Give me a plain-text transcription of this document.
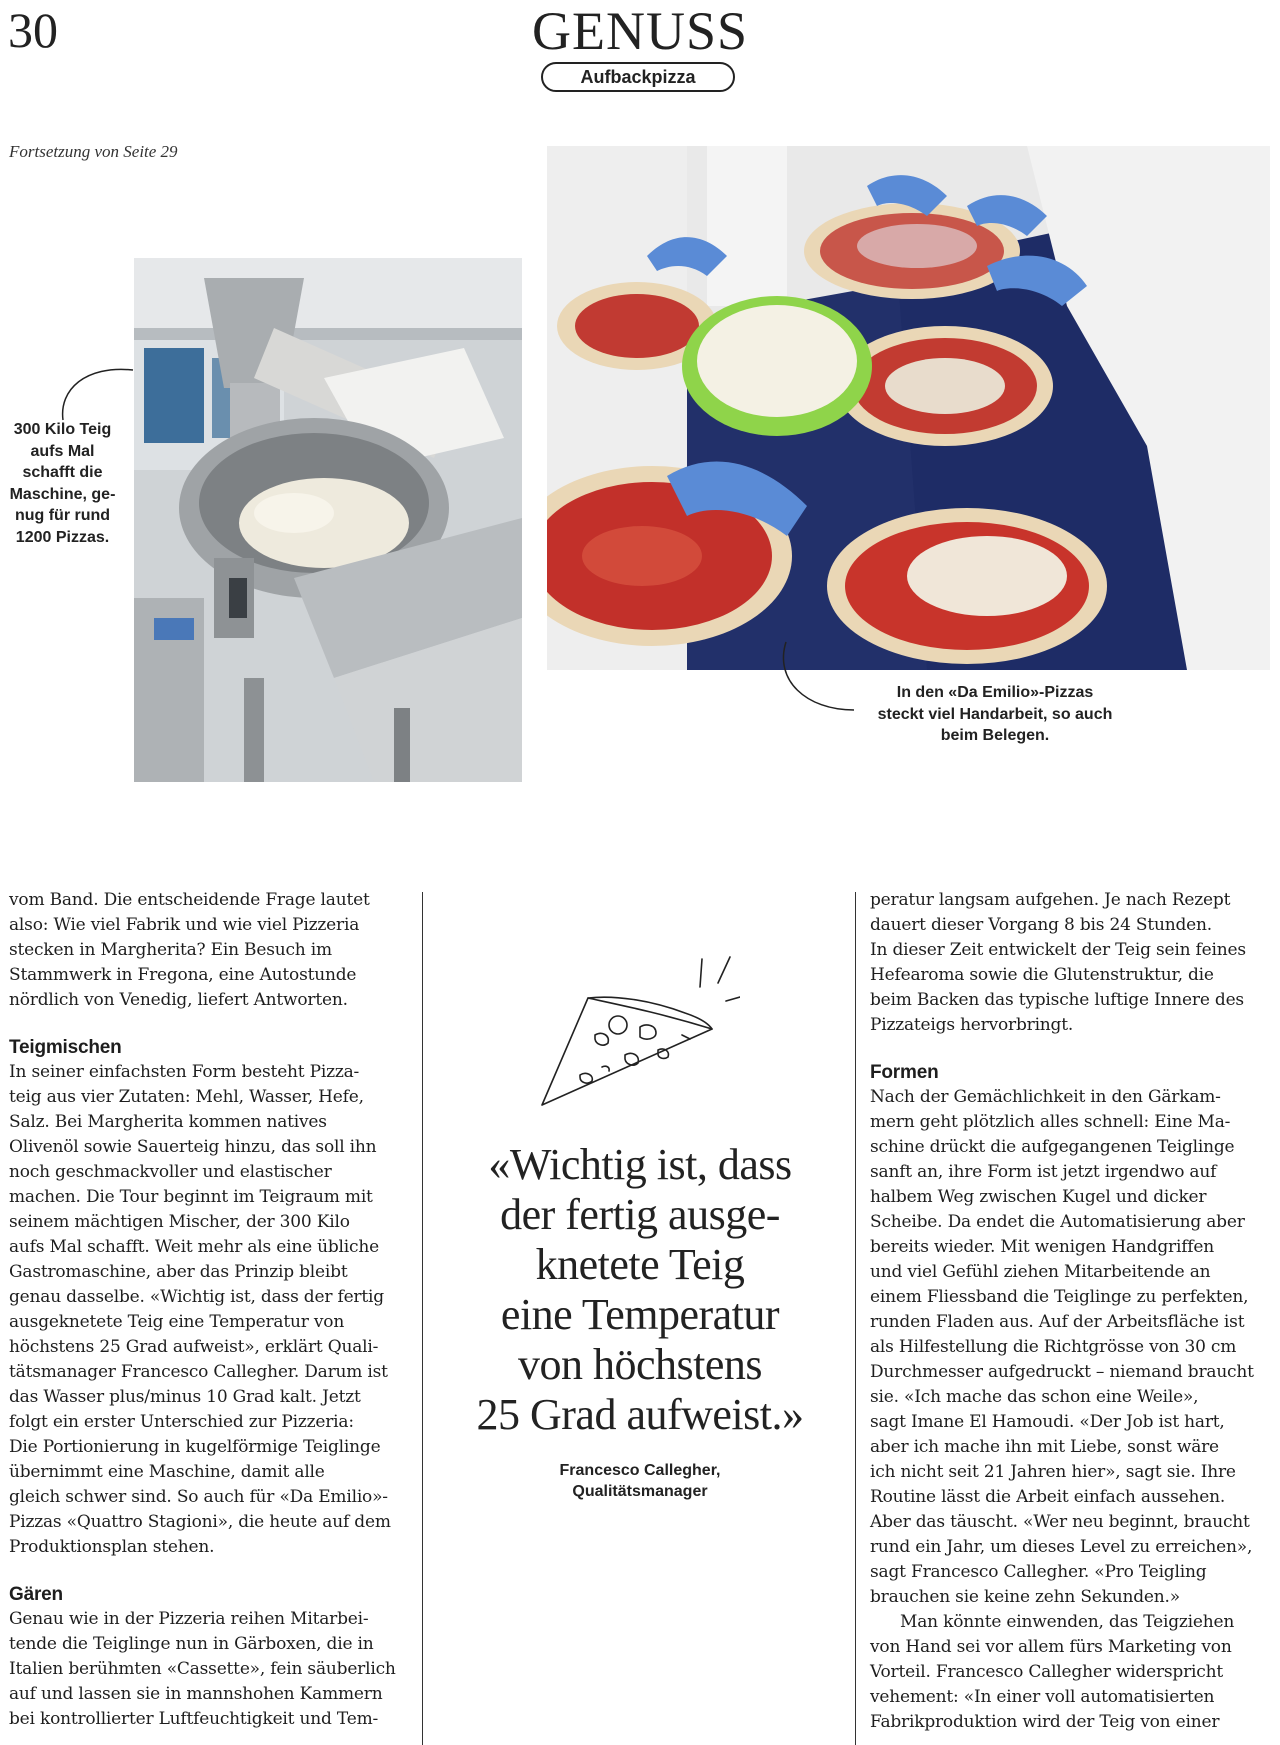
30	GENUSS
Aufbackpizza
Fortsetzung von Seite 29
300 Kilo Teig
aufs Mal
schafft die
Maschine, ge-
nug für rund
1200 Pizzas.
In den «Da Emilio»-Pizzas
steckt viel Handarbeit, so auch
beim Belegen.

vom Band. Die entscheidende Frage lautet

also: Wie viel Fabrik und wie viel Pizzeria

stecken in Margherita? Ein Besuch im

Stammwerk in Fregona, eine Autostunde

nördlich von Venedig, liefert Antworten.

Teigmischen

In seiner einfachsten Form besteht Pizza-

teig aus vier Zutaten: Mehl, Wasser, Hefe,

Salz. Bei Margherita kommen natives

Olivenöl sowie Sauerteig hinzu, das soll ihn

noch geschmackvoller und elastischer

machen. Die Tour beginnt im Teigraum mit

seinem mächtigen Mischer, der 300 Kilo

aufs Mal schafft. Weit mehr als eine übliche

Gastromaschine, aber das Prinzip bleibt

genau dasselbe. «Wichtig ist, dass der fertig

ausgeknetete Teig eine Temperatur von

höchstens 25 Grad aufweist», erklärt Quali-

tätsmanager Francesco Callegher. Darum ist

das Wasser plus/minus 10 Grad kalt. Jetzt

folgt ein erster Unterschied zur Pizzeria:

Die Portionierung in kugelförmige Teiglinge

übernimmt eine Maschine, damit alle

gleich schwer sind. So auch für «Da Emilio»-

Pizzas «Quattro Stagioni», die heute auf dem

Produktionsplan stehen.

Gären

Genau wie in der Pizzeria reihen Mitarbei-

tende die Teiglinge nun in Gärboxen, die in

Italien berühmten «Cassette», fein säuberlich

auf und lassen sie in mannshohen Kammern

bei kontrollierter Luftfeuchtigkeit und Tem-

«Wichtig ist, dass
der fertig ausge-
knetete Teig
eine Temperatur
von höchstens
25 Grad aufweist.»
Francesco Callegher,
Qualitätsmanager

peratur langsam aufgehen. Je nach Rezept

dauert dieser Vorgang 8 bis 24 Stunden.

In dieser Zeit entwickelt der Teig sein feines

Hefearoma sowie die Glutenstruktur, die

beim Backen das typische luftige Innere des

Pizzateigs hervorbringt.

Formen

Nach der Gemächlichkeit in den Gärkam-

mern geht plötzlich alles schnell: Eine Ma-

schine drückt die aufgegangenen Teiglinge

sanft an, ihre Form ist jetzt irgendwo auf

halbem Weg zwischen Kugel und dicker

Scheibe. Da endet die Automatisierung aber

bereits wieder. Mit wenigen Handgriffen

und viel Gefühl ziehen Mitarbeitende an

einem Fliessband die Teiglinge zu perfekten,

runden Fladen aus. Auf der Arbeitsfläche ist

als Hilfestellung die Richtgrösse von 30 cm

Durchmesser aufgedruckt – niemand braucht

sie. «Ich mache das schon eine Weile»,

sagt Imane El Hamoudi. «Der Job ist hart,

aber ich mache ihn mit Liebe, sonst wäre

ich nicht seit 21 Jahren hier», sagt sie. Ihre

Routine lässt die Arbeit einfach aussehen.

Aber das täuscht. «Wer neu beginnt, braucht

rund ein Jahr, um dieses Level zu erreichen»,

sagt Francesco Callegher. «Pro Teigling

brauchen sie keine zehn Sekunden.»

Man könnte einwenden, das Teigziehen

von Hand sei vor allem fürs Marketing von

Vorteil. Francesco Callegher widerspricht

vehement: «In einer voll automatisierten

Fabrikproduktion wird der Teig von einer
